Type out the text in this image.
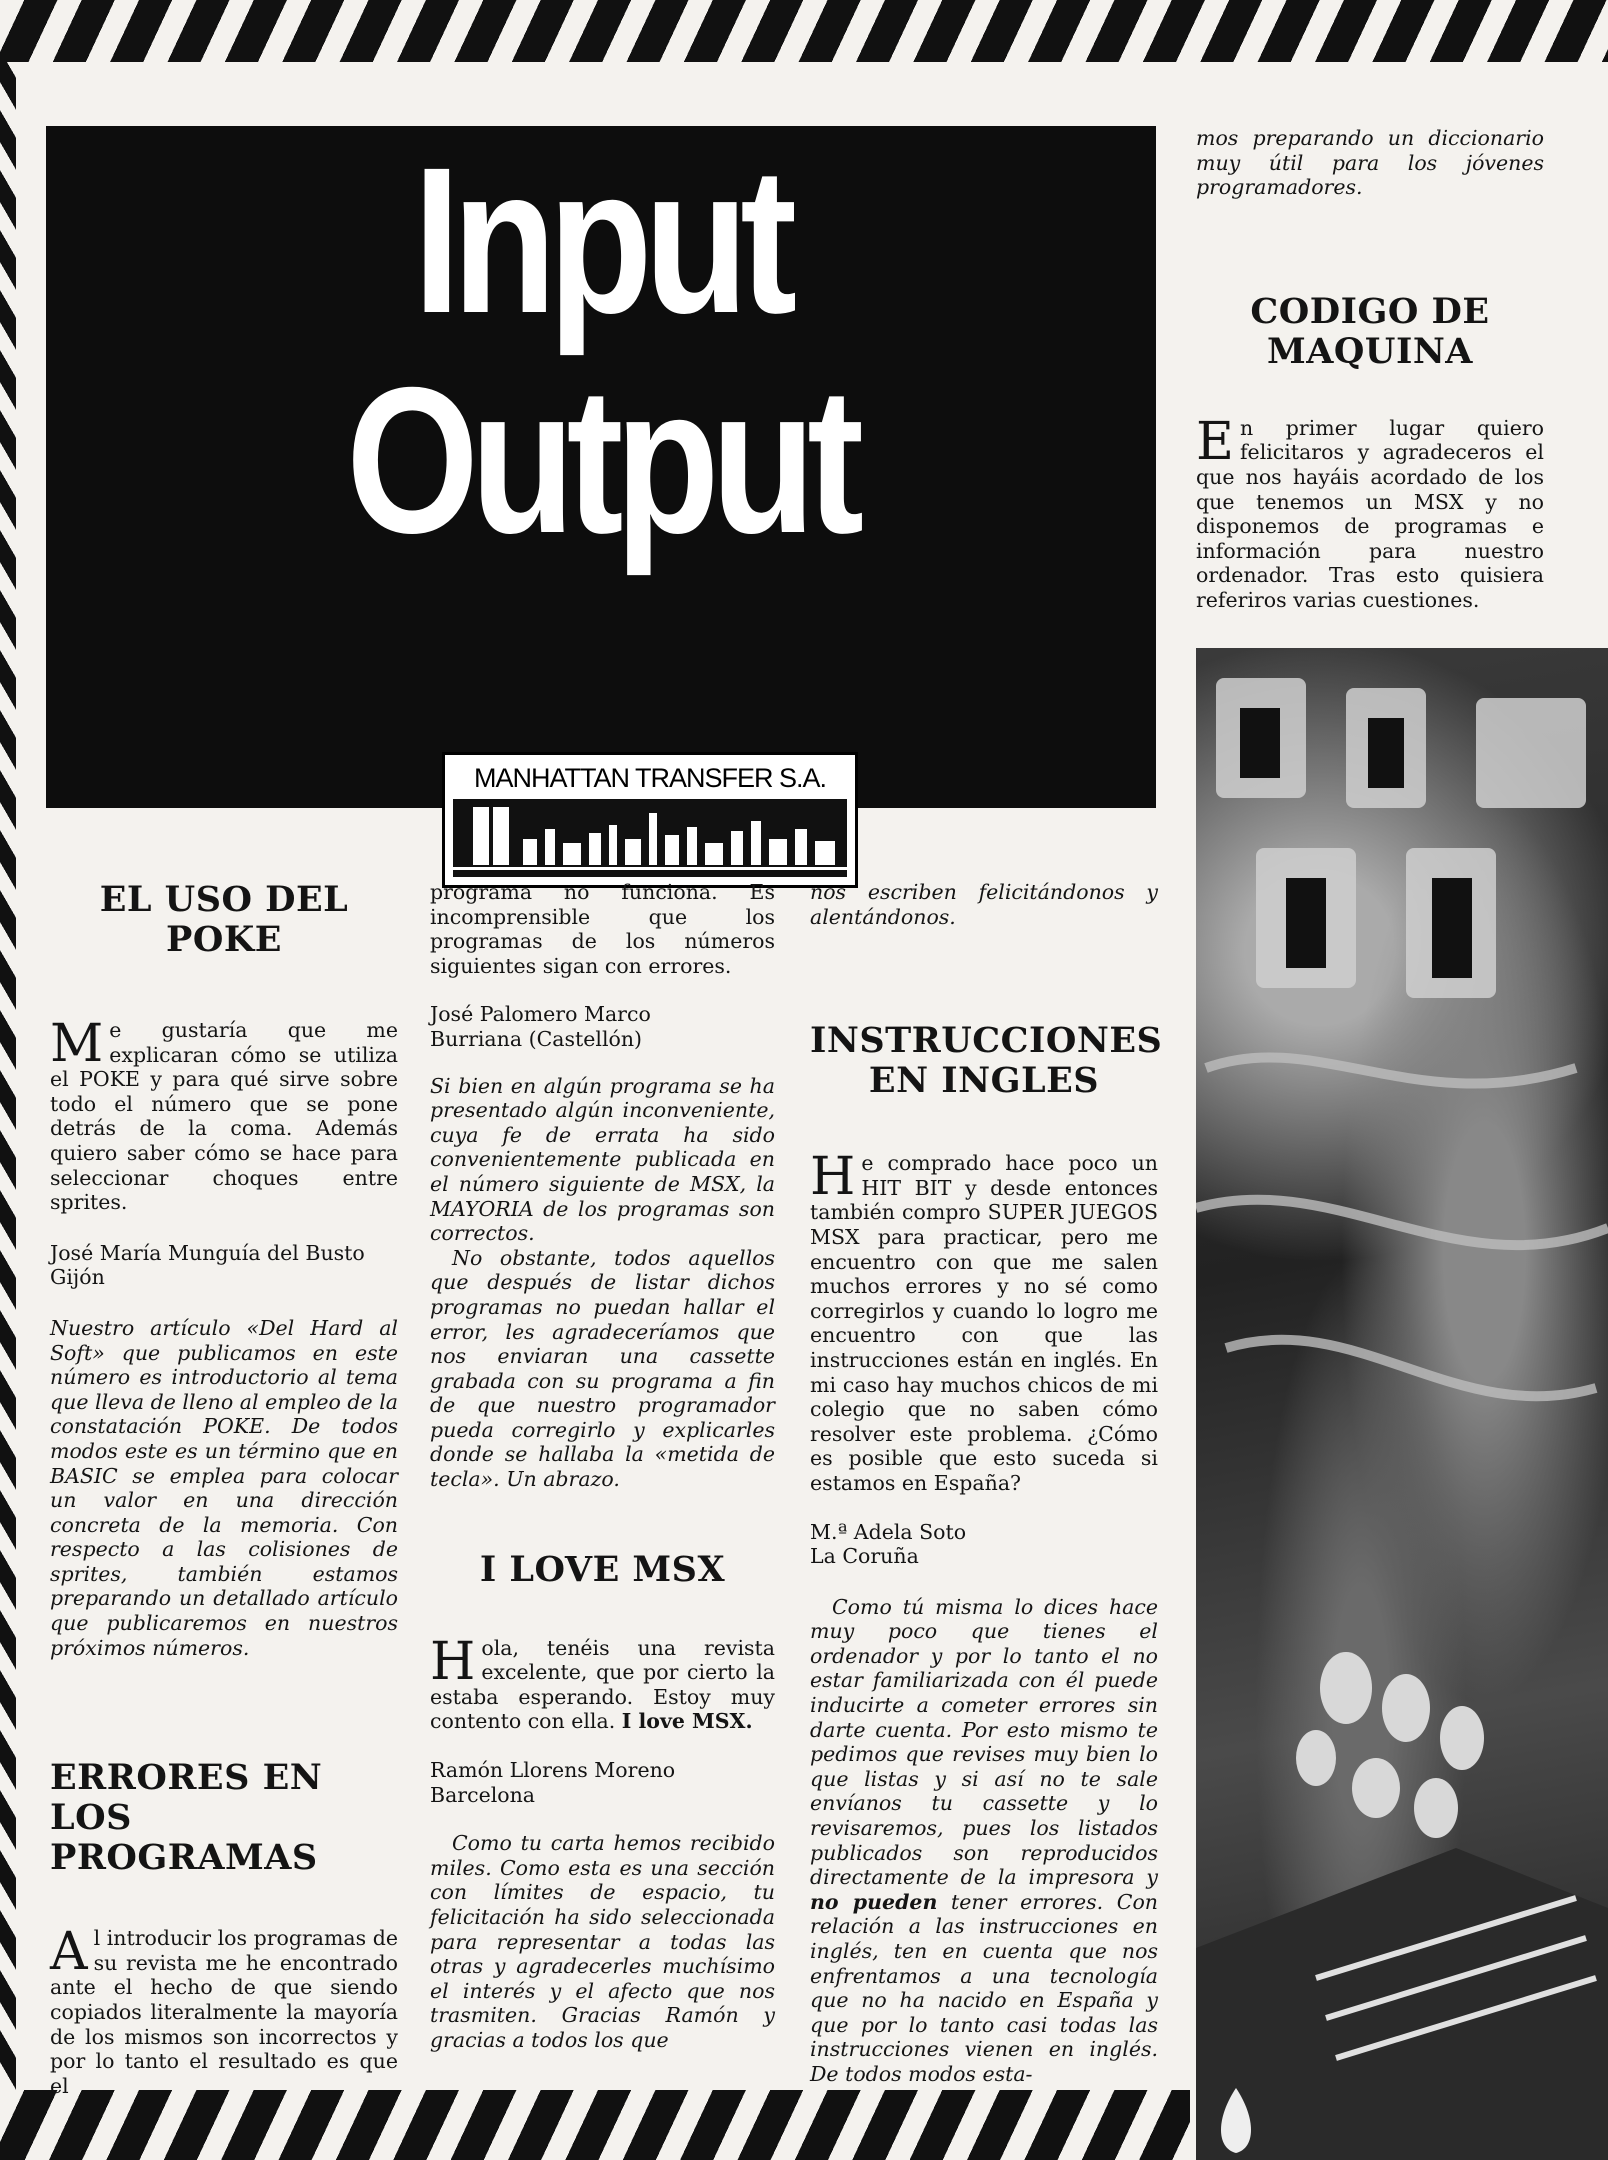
Input
Output
MANHATTAN TRANSFER S.A.
EL USO DEL POKE

Me gustaría que me explicaran cómo se utiliza el POKE y para qué sirve sobre todo el número que se pone detrás de la coma. Además quiero saber cómo se hace para seleccionar choques entre sprites.

José María Munguía del Busto

Gijón

Nuestro artículo «Del Hard al Soft» que publicamos en este número es introductorio al tema que lleva de lleno al empleo de la constatación POKE. De todos modos este es un término que en BASIC se emplea para colocar un valor en una dirección concreta de la memoria. Con respecto a las colisiones de sprites, también estamos preparando un detallado artículo que publicaremos en nuestros próximos números.

ERRORES EN LOS PROGRAMAS

Al introducir los programas de su revista me he encontrado ante el hecho de que siendo copiados literalmente la mayoría de los mismos son incorrectos y por lo tanto el resultado es que el

programa no funciona. Es incomprensible que los programas de los números siguientes sigan con errores.

José Palomero Marco

Burriana (Castellón)

Si bien en algún programa se ha presentado algún inconveniente, cuya fe de errata ha sido convenientemente publicada en el número siguiente de MSX, la MAYORIA de los programas son correctos.

No obstante, todos aquellos que después de listar dichos programas no puedan hallar el error, les agradeceríamos que nos enviaran una cassette grabada con su programa a fin de que nuestro programador pueda corregirlo y explicarles donde se hallaba la «metida de tecla». Un abrazo.

I LOVE MSX

Hola, tenéis una revista excelente, que por cierto la estaba esperando. Estoy muy contento con ella. I love MSX.

Ramón Llorens Moreno

Barcelona

Como tu carta hemos recibido miles. Como esta es una sección con límites de espacio, tu felicitación ha sido seleccionada para representar a todas las otras y agradecerles muchísimo el interés y el afecto que nos trasmiten. Gracias Ramón y gracias a todos los que

nos escriben felicitándonos y alentándonos.

INSTRUCCIONES EN INGLES

He comprado hace poco un HIT BIT y desde entonces también compro SUPER JUEGOS MSX para practicar, pero me encuentro con que me salen muchos errores y no sé como corregirlos y cuando lo logro me encuentro con que las instrucciones están en inglés. En mi caso hay muchos chicos de mi colegio que no saben cómo resolver este problema. ¿Cómo es posible que esto suceda si estamos en España?

M.ª Adela Soto

La Coruña

Como tú misma lo dices hace muy poco que tienes el ordenador y por lo tanto el no estar familiarizada con él puede inducirte a cometer errores sin darte cuenta. Por esto mismo te pedimos que revises muy bien lo que listas y si así no te sale envíanos tu cassette y lo revisaremos, pues los listados publicados son reproducidos directamente de la impresora y no pueden tener errores. Con relación a las instrucciones en inglés, ten en cuenta que nos enfrentamos a una tecnología que no ha nacido en España y que por lo tanto casi todas las instrucciones vienen en inglés. De todos modos esta-

mos preparando un diccionario muy útil para los jóvenes programadores.

CODIGO DE MAQUINA

En primer lugar quiero felicitaros y agradeceros el que nos hayáis acordado de los que tenemos un MSX y no disponemos de programas e información para nuestro ordenador. Tras esto quisiera referiros varias cuestiones.
